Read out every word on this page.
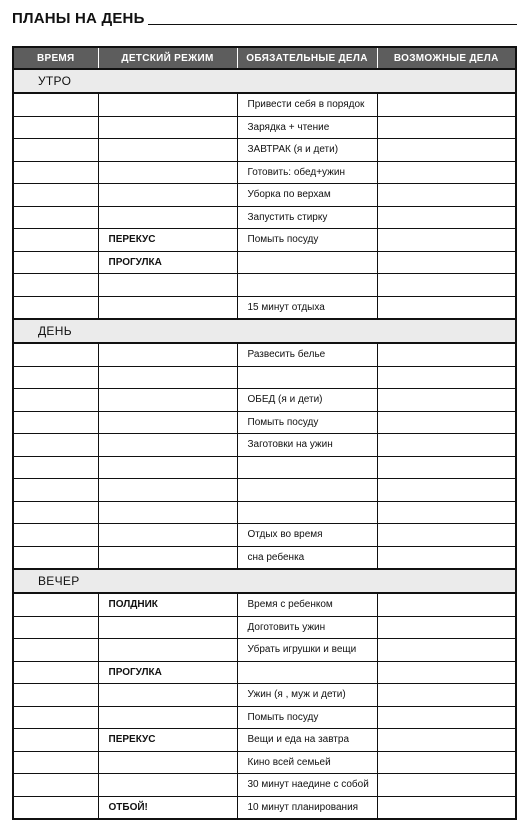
ПЛАНЫ НА ДЕНЬ
ВРЕМЯ	ДЕТСКИЙ РЕЖИМ	ОБЯЗАТЕЛЬНЫЕ ДЕЛА	ВОЗМОЖНЫЕ ДЕЛА
УТРО			
		Привести себя в порядок	
		Зарядка + чтение	
		ЗАВТРАК (я и дети)	
		Готовить: обед+ужин	
		Уборка по верхам	
		Запустить стирку	
	ПЕРЕКУС	Помыть посуду	
	ПРОГУЛКА		

		15 минут отдыха	
ДЕНЬ			
		Развесить белье	

		ОБЕД (я и дети)	
		Помыть посуду	
		Заготовки на ужин	

		Отдых во время	
		сна ребенка	
ВЕЧЕР			
	ПОЛДНИК	Время с ребенком	
		Доготовить ужин	
		Убрать игрушки и вещи	
	ПРОГУЛКА		
		Ужин (я , муж и дети)	
		Помыть посуду	
	ПЕРЕКУС	Вещи и еда на завтра	
		Кино всей семьей	
		30 минут наедине с собой	
	ОТБОЙ!	10 минут планирования	
